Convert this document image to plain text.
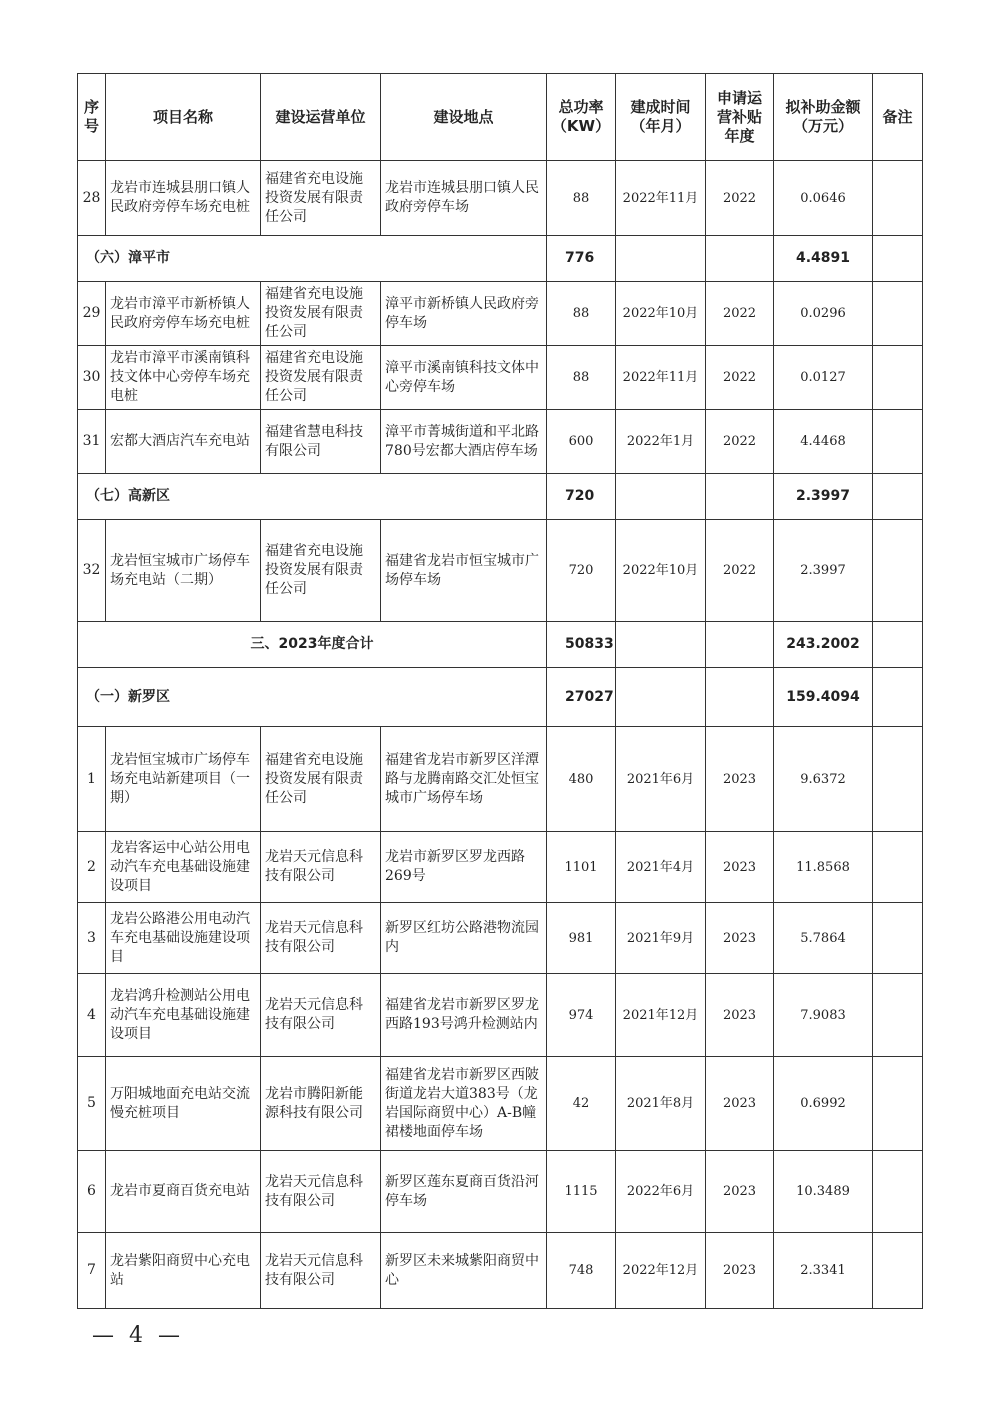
序号	项目名称	建设运营单位	建设地点	总功率（KW）	建成时间（年月）	申请运营补贴年度	拟补助金额（万元）	备注
28	龙岩市连城县朋口镇人民政府旁停车场充电桩	福建省充电设施投资发展有限责任公司	龙岩市连城县朋口镇人民政府旁停车场	88	2022年11月	2022	0.0646	
（六）漳平市				776			4.4891	
29	龙岩市漳平市新桥镇人民政府旁停车场充电桩	福建省充电设施投资发展有限责任公司	漳平市新桥镇人民政府旁停车场	88	2022年10月	2022	0.0296	
30	龙岩市漳平市溪南镇科技文体中心旁停车场充电桩	福建省充电设施投资发展有限责任公司	漳平市溪南镇科技文体中心旁停车场	88	2022年11月	2022	0.0127	
31	宏都大酒店汽车充电站	福建省慧电科技有限公司	漳平市菁城街道和平北路780号宏都大酒店停车场	600	2022年1月	2022	4.4468	
（七）高新区				720			2.3997	
32	龙岩恒宝城市广场停车场充电站（二期）	福建省充电设施投资发展有限责任公司	福建省龙岩市恒宝城市广场停车场	720	2022年10月	2022	2.3997	
三、2023年度合计				50833			243.2002	
（一）新罗区				27027			159.4094	
1	龙岩恒宝城市广场停车场充电站新建项目（一期）	福建省充电设施投资发展有限责任公司	福建省龙岩市新罗区洋潭路与龙腾南路交汇处恒宝城市广场停车场	480	2021年6月	2023	9.6372	
2	龙岩客运中心站公用电动汽车充电基础设施建设项目	龙岩天元信息科技有限公司	龙岩市新罗区罗龙西路269号	1101	2021年4月	2023	11.8568	
3	龙岩公路港公用电动汽车充电基础设施建设项目	龙岩天元信息科技有限公司	新罗区红坊公路港物流园内	981	2021年9月	2023	5.7864	
4	龙岩鸿升检测站公用电动汽车充电基础设施建设项目	龙岩天元信息科技有限公司	福建省龙岩市新罗区罗龙西路193号鸿升检测站内	974	2021年12月	2023	7.9083	
5	万阳城地面充电站交流慢充桩项目	龙岩市腾阳新能源科技有限公司	福建省龙岩市新罗区西陂街道龙岩大道383号（龙岩国际商贸中心）A-B幢裙楼地面停车场	42	2021年8月	2023	0.6992	
6	龙岩市夏商百货充电站	龙岩天元信息科技有限公司	新罗区莲东夏商百货沿河停车场	1115	2022年6月	2023	10.3489	
7	龙岩紫阳商贸中心充电站	龙岩天元信息科技有限公司	新罗区未来城紫阳商贸中心	748	2022年12月	2023	2.3341	
— 4 —
